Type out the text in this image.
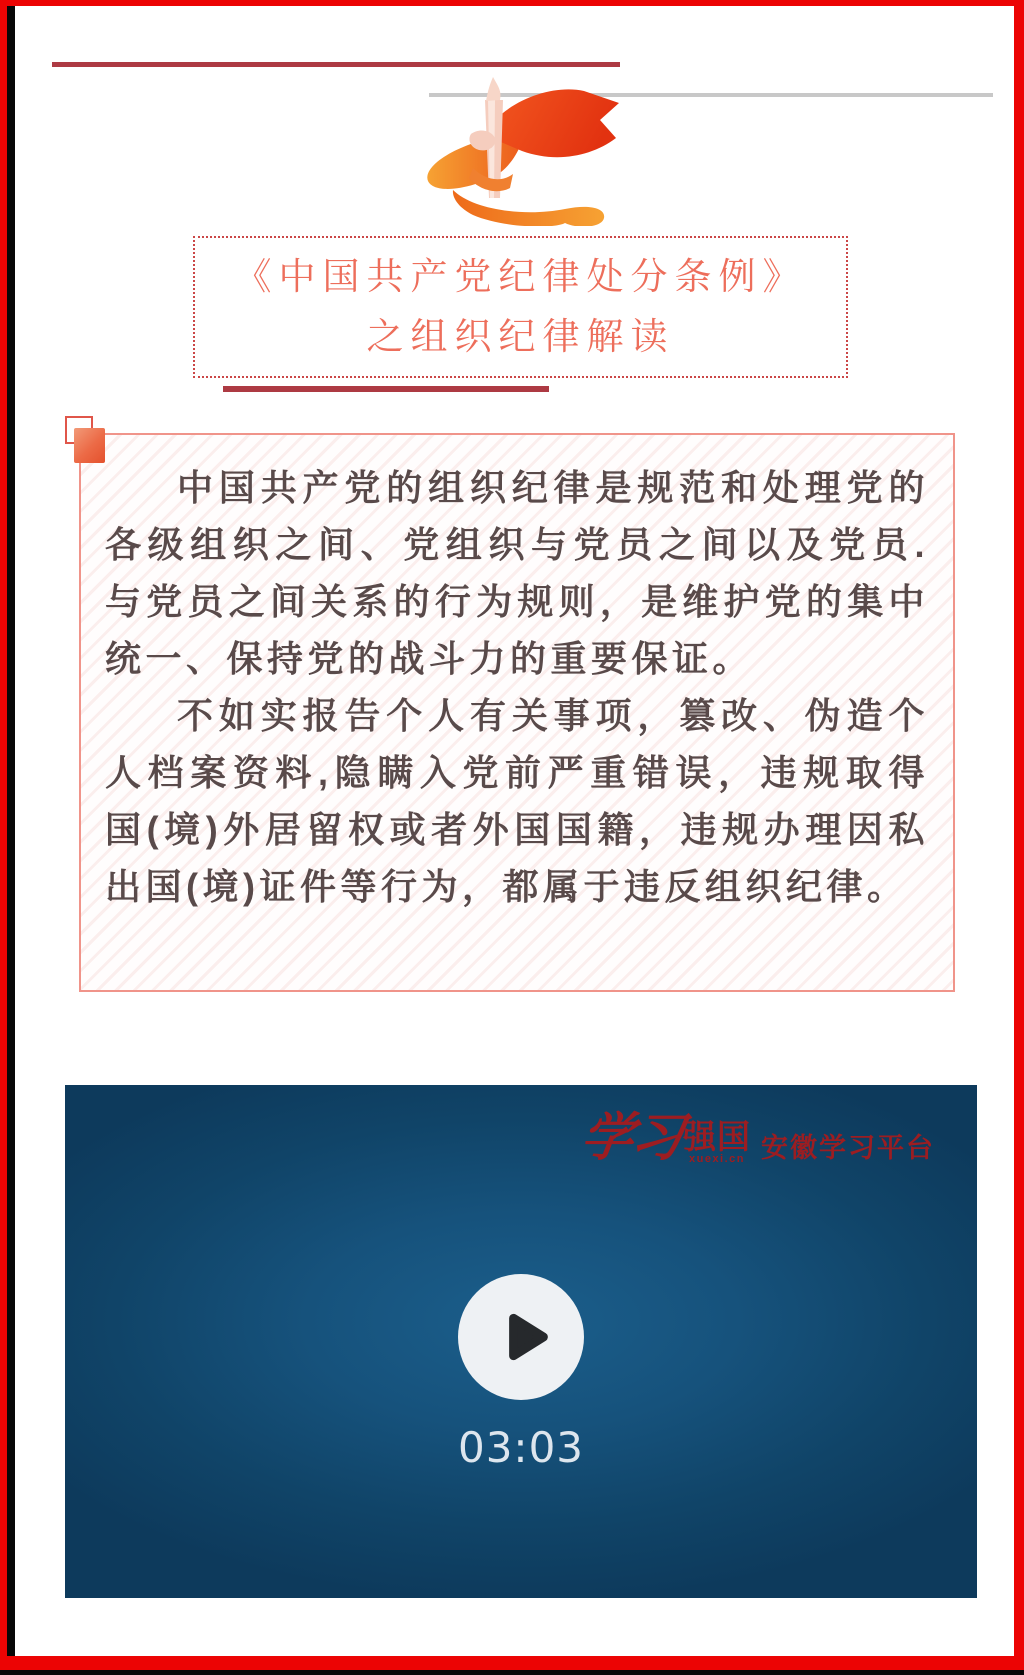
《中国共产党纪律处分条例》
之组织纪律解读

中国共产党的组织纪律是规范和处理党的各级组织之间、党组织与党员之间以及党员.与党员之间关系的行为规则，是维护党的集中统一、保持党的战斗力的重要保证。

不如实报告个人有关事项，篡改、伪造个人档案资料,隐瞒入党前严重错误，违规取得国(境)外居留权或者外国国籍，违规办理因私出国(境)证件等行为，都属于违反组织纪律。

学习
强国
xuexi.cn 安徽学习平台
03:03
